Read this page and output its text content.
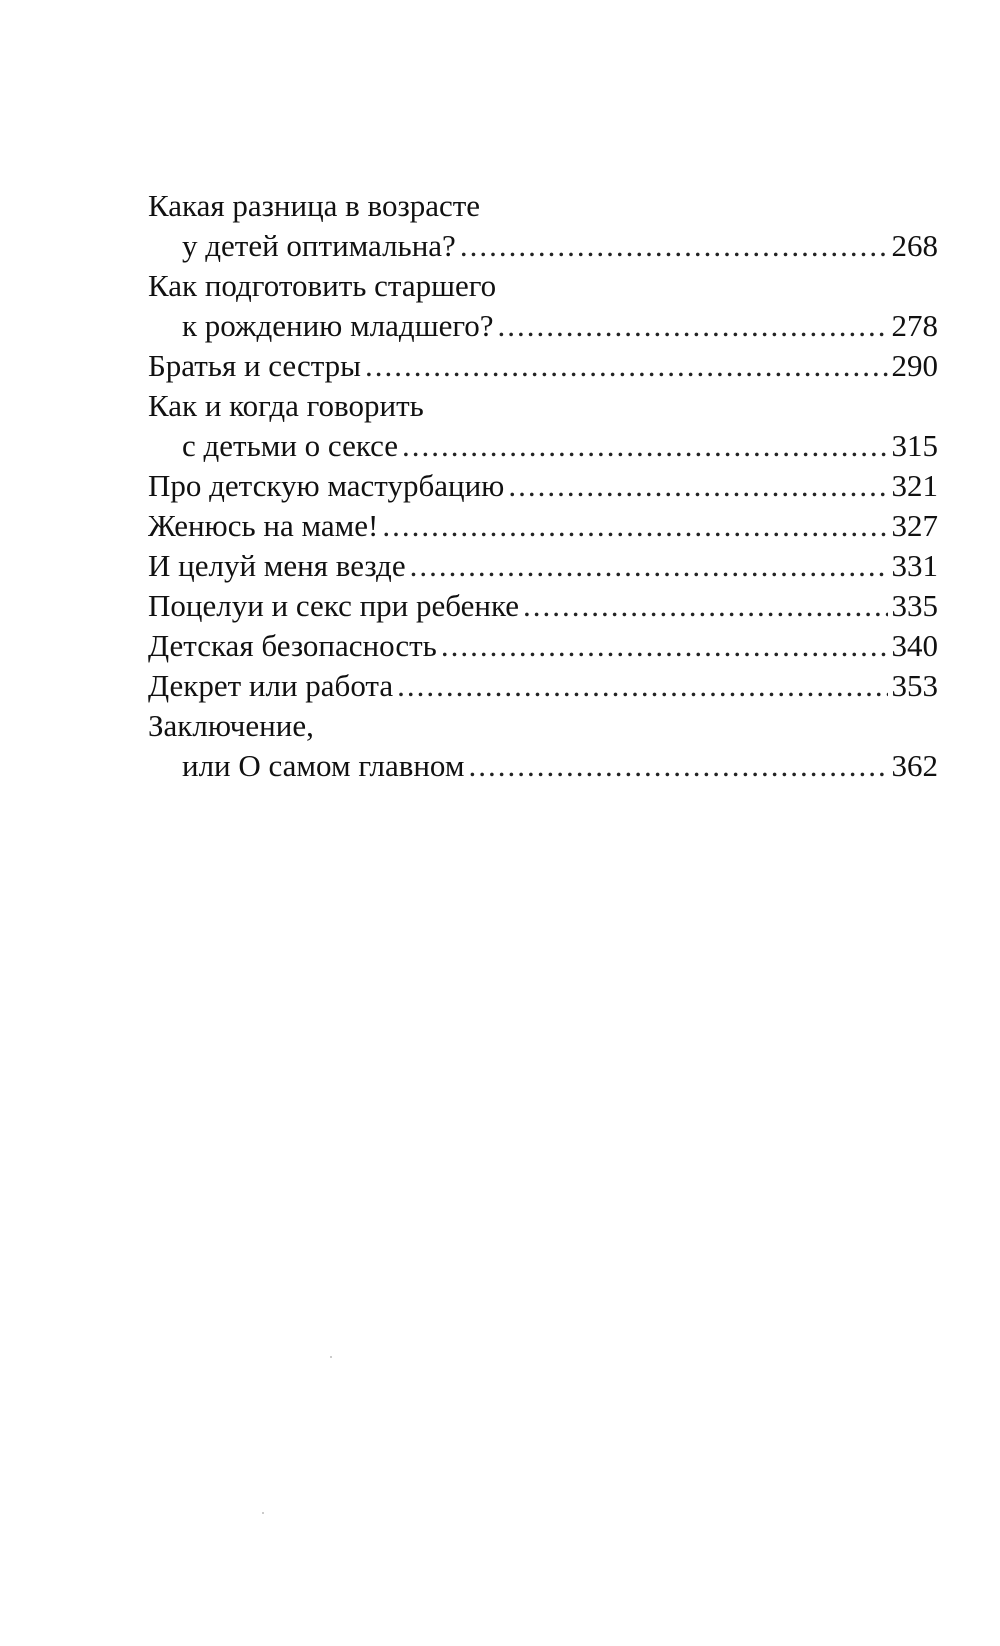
Какая разница в возрасте
у детей оптимальна? .....	268
Как подготовить старшего
к рождению младшего? .....	278
Братья и сестры .....	290
Как и когда говорить
с детьми о сексе .....	315
Про детскую мастурбацию .....	321
Женюсь на маме! .....	327
И целуй меня везде .....	331
Поцелуи и секс при ребенке .....	335
Детская безопасность .....	340
Декрет или работа .....	353
Заключение,
или О самом главном .....	362
